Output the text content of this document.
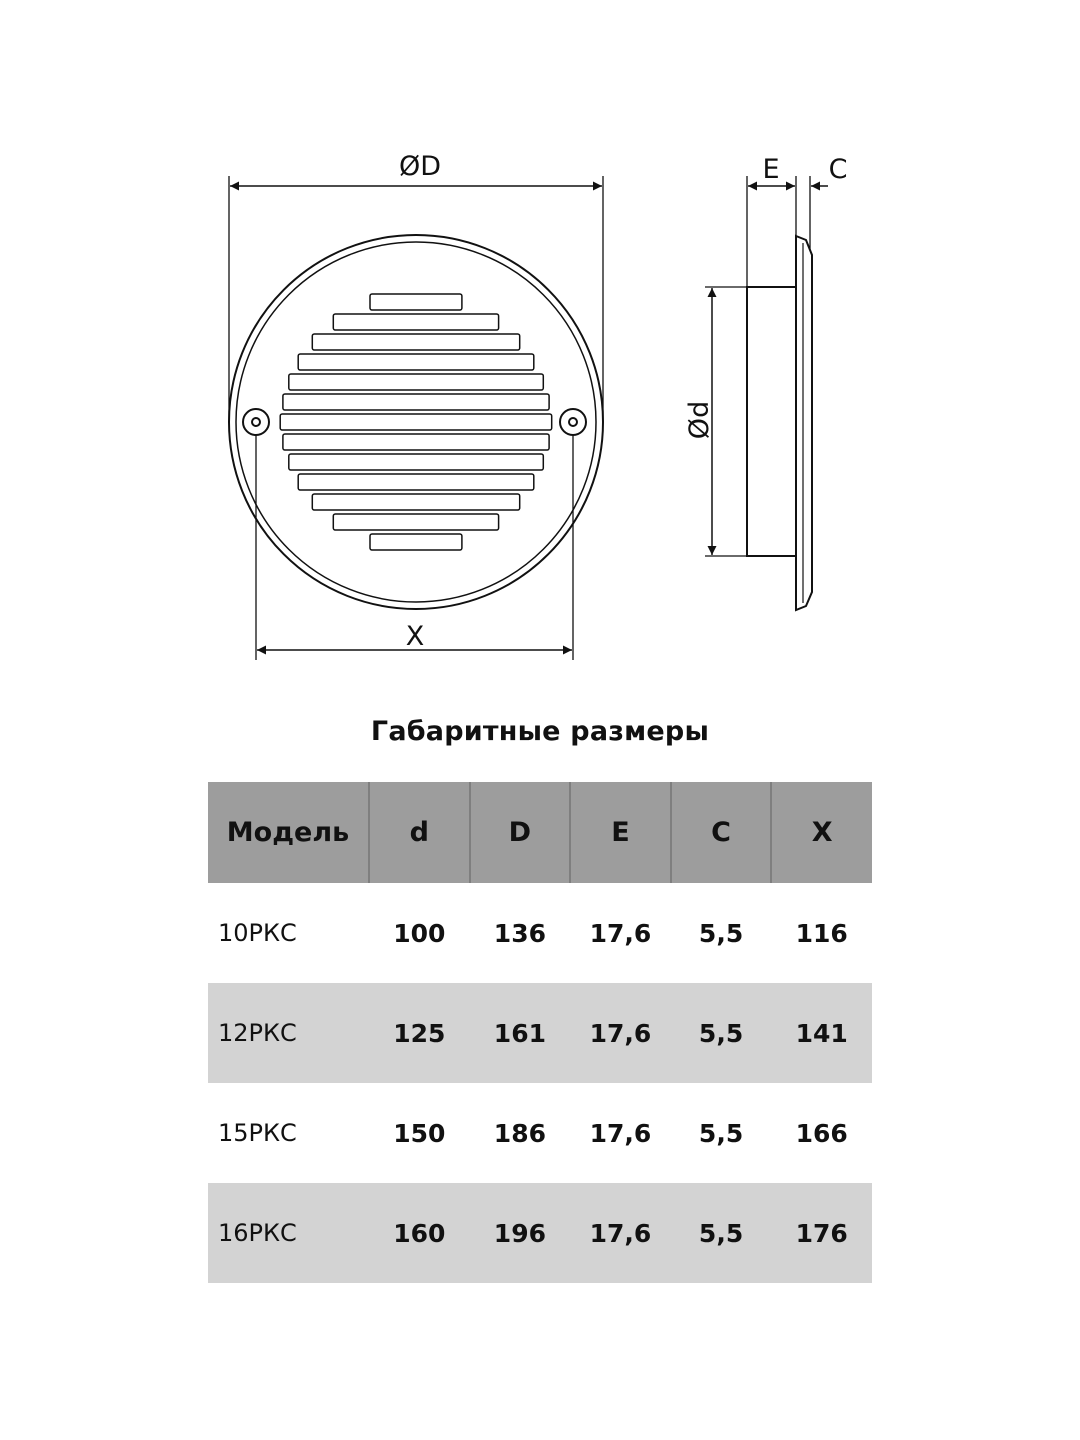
ØD
X
E C
Ød
Габаритные размеры
Модель	d	D	E	C	X
10РКС	100	136	17,6	5,5	116
12РКС	125	161	17,6	5,5	141
15РКС	150	186	17,6	5,5	166
16РКС	160	196	17,6	5,5	176
